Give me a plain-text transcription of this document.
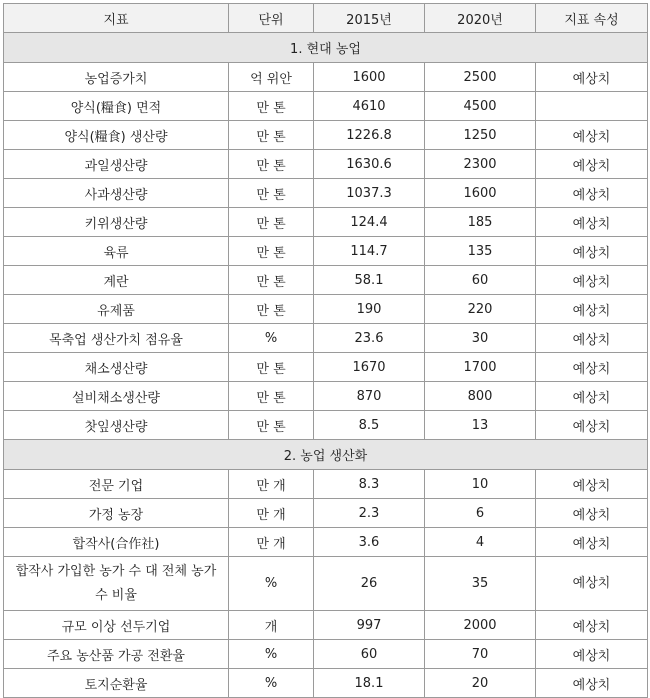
지표	단위	2015년	2020년	지표 속성
1. 현대 농업				
농업증가치	억 위안	1600	2500	예상치
양식(糧食) 면적	만 톤	4610	4500	
양식(糧食) 생산량	만 톤	1226.8	1250	예상치
과일생산량	만 톤	1630.6	2300	예상치
사과생산량	만 톤	1037.3	1600	예상치
키위생산량	만 톤	124.4	185	예상치
육류	만 톤	114.7	135	예상치
계란	만 톤	58.1	60	예상치
유제품	만 톤	190	220	예상치
목축업 생산가치 점유율	%	23.6	30	예상치
채소생산량	만 톤	1670	1700	예상치
설비채소생산량	만 톤	870	800	예상치
찻잎생산량	만 톤	8.5	13	예상치
2. 농업 생산화				
전문 기업	만 개	8.3	10	예상치
가정 농장	만 개	2.3	6	예상치
합작사(合作社)	만 개	3.6	4	예상치
합작사 가입한 농가 수 대 전체 농가 수 비율	%	26	35	예상치
규모 이상 선두기업	개	997	2000	예상치
주요 농산품 가공 전환율	%	60	70	예상치
토지순환율	%	18.1	20	예상치
